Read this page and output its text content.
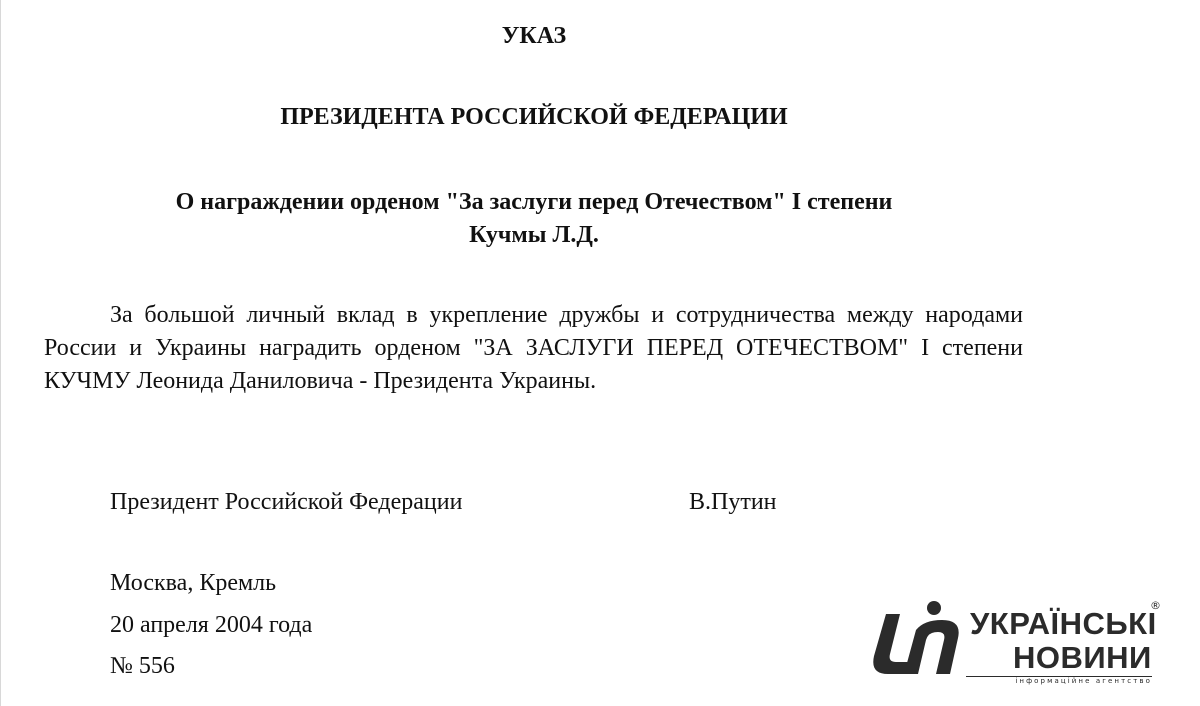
УКАЗ
ПРЕЗИДЕНТА РОССИЙСКОЙ ФЕДЕРАЦИИ
О награждении орденом "За заслуги перед Отечеством" I степени
Кучмы Л.Д.
За большой личный вклад в укрепление дружбы и сотрудничества между народами России и Украины наградить орденом "ЗА ЗАСЛУГИ ПЕРЕД ОТЕЧЕСТВОМ" I степени КУЧМУ Леонида Даниловича - Президента Украины.
Президент Российской Федерации	В.Путин
Москва, Кремль
20 апреля 2004 года
№ 556
УКРАЇНСЬКІ
НОВИНИ
інформаційне агентство
®
